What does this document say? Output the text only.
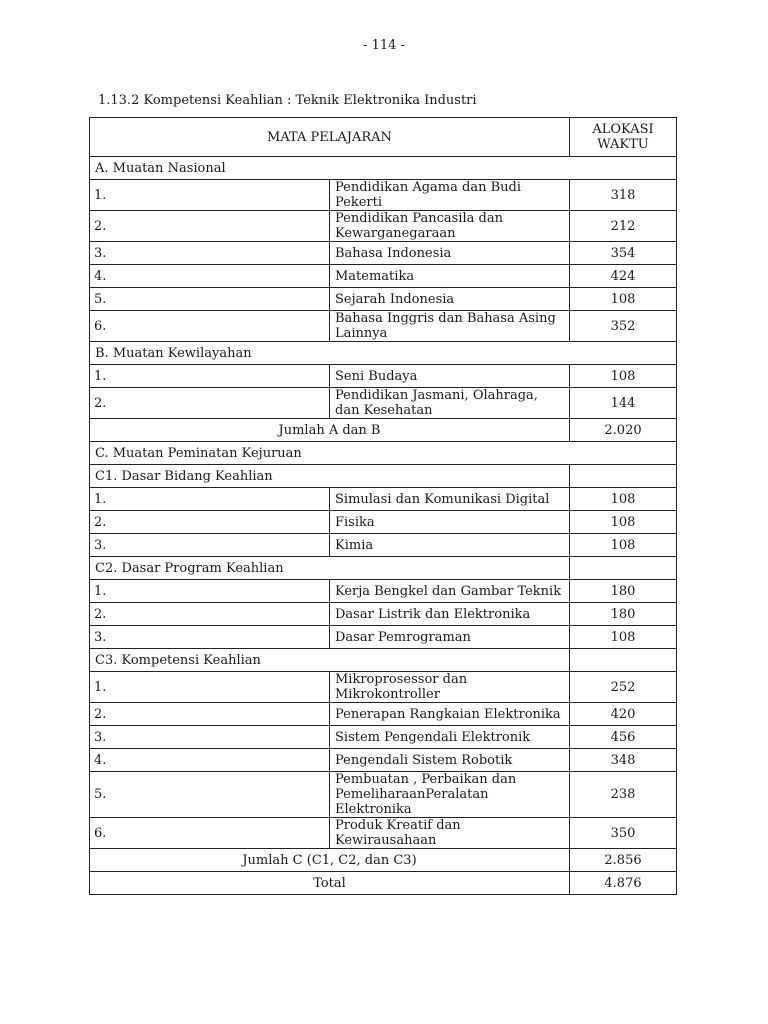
- 114 -
1.13.2 Kompetensi Keahlian : Teknik Elektronika Industri
MATA PELAJARAN		ALOKASI
WAKTU

A. Muatan Nasional		
1.	Pendidikan Agama dan Budi Pekerti	318
2.	Pendidikan Pancasila dan Kewarganegaraan	212
3.	Bahasa Indonesia	354
4.	Matematika	424
5.	Sejarah Indonesia	108
6.	Bahasa Inggris dan Bahasa Asing Lainnya	352
B. Muatan Kewilayahan		
1.	Seni Budaya	108
2.	Pendidikan Jasmani, Olahraga, dan Kesehatan	144
Jumlah A dan B		2.020
C. Muatan Peminatan Kejuruan		
C1. Dasar Bidang Keahlian		
1.	Simulasi dan Komunikasi Digital	108
2.	Fisika	108
3.	Kimia	108
C2. Dasar Program Keahlian		
1.	Kerja Bengkel dan Gambar Teknik	180
2.	Dasar Listrik dan Elektronika	180
3.	Dasar Pemrograman	108
C3. Kompetensi Keahlian		
1.	Mikroprosessor dan Mikrokontroller	252
2.	Penerapan Rangkaian Elektronika	420
3.	Sistem Pengendali Elektronik	456
4.	Pengendali Sistem Robotik	348
5.	Pembuatan , Perbaikan dan PemeliharaanPeralatan Elektronika	238
6.	Produk Kreatif dan Kewirausahaan	350
Jumlah C (C1, C2, dan C3)		2.856
Total		4.876
